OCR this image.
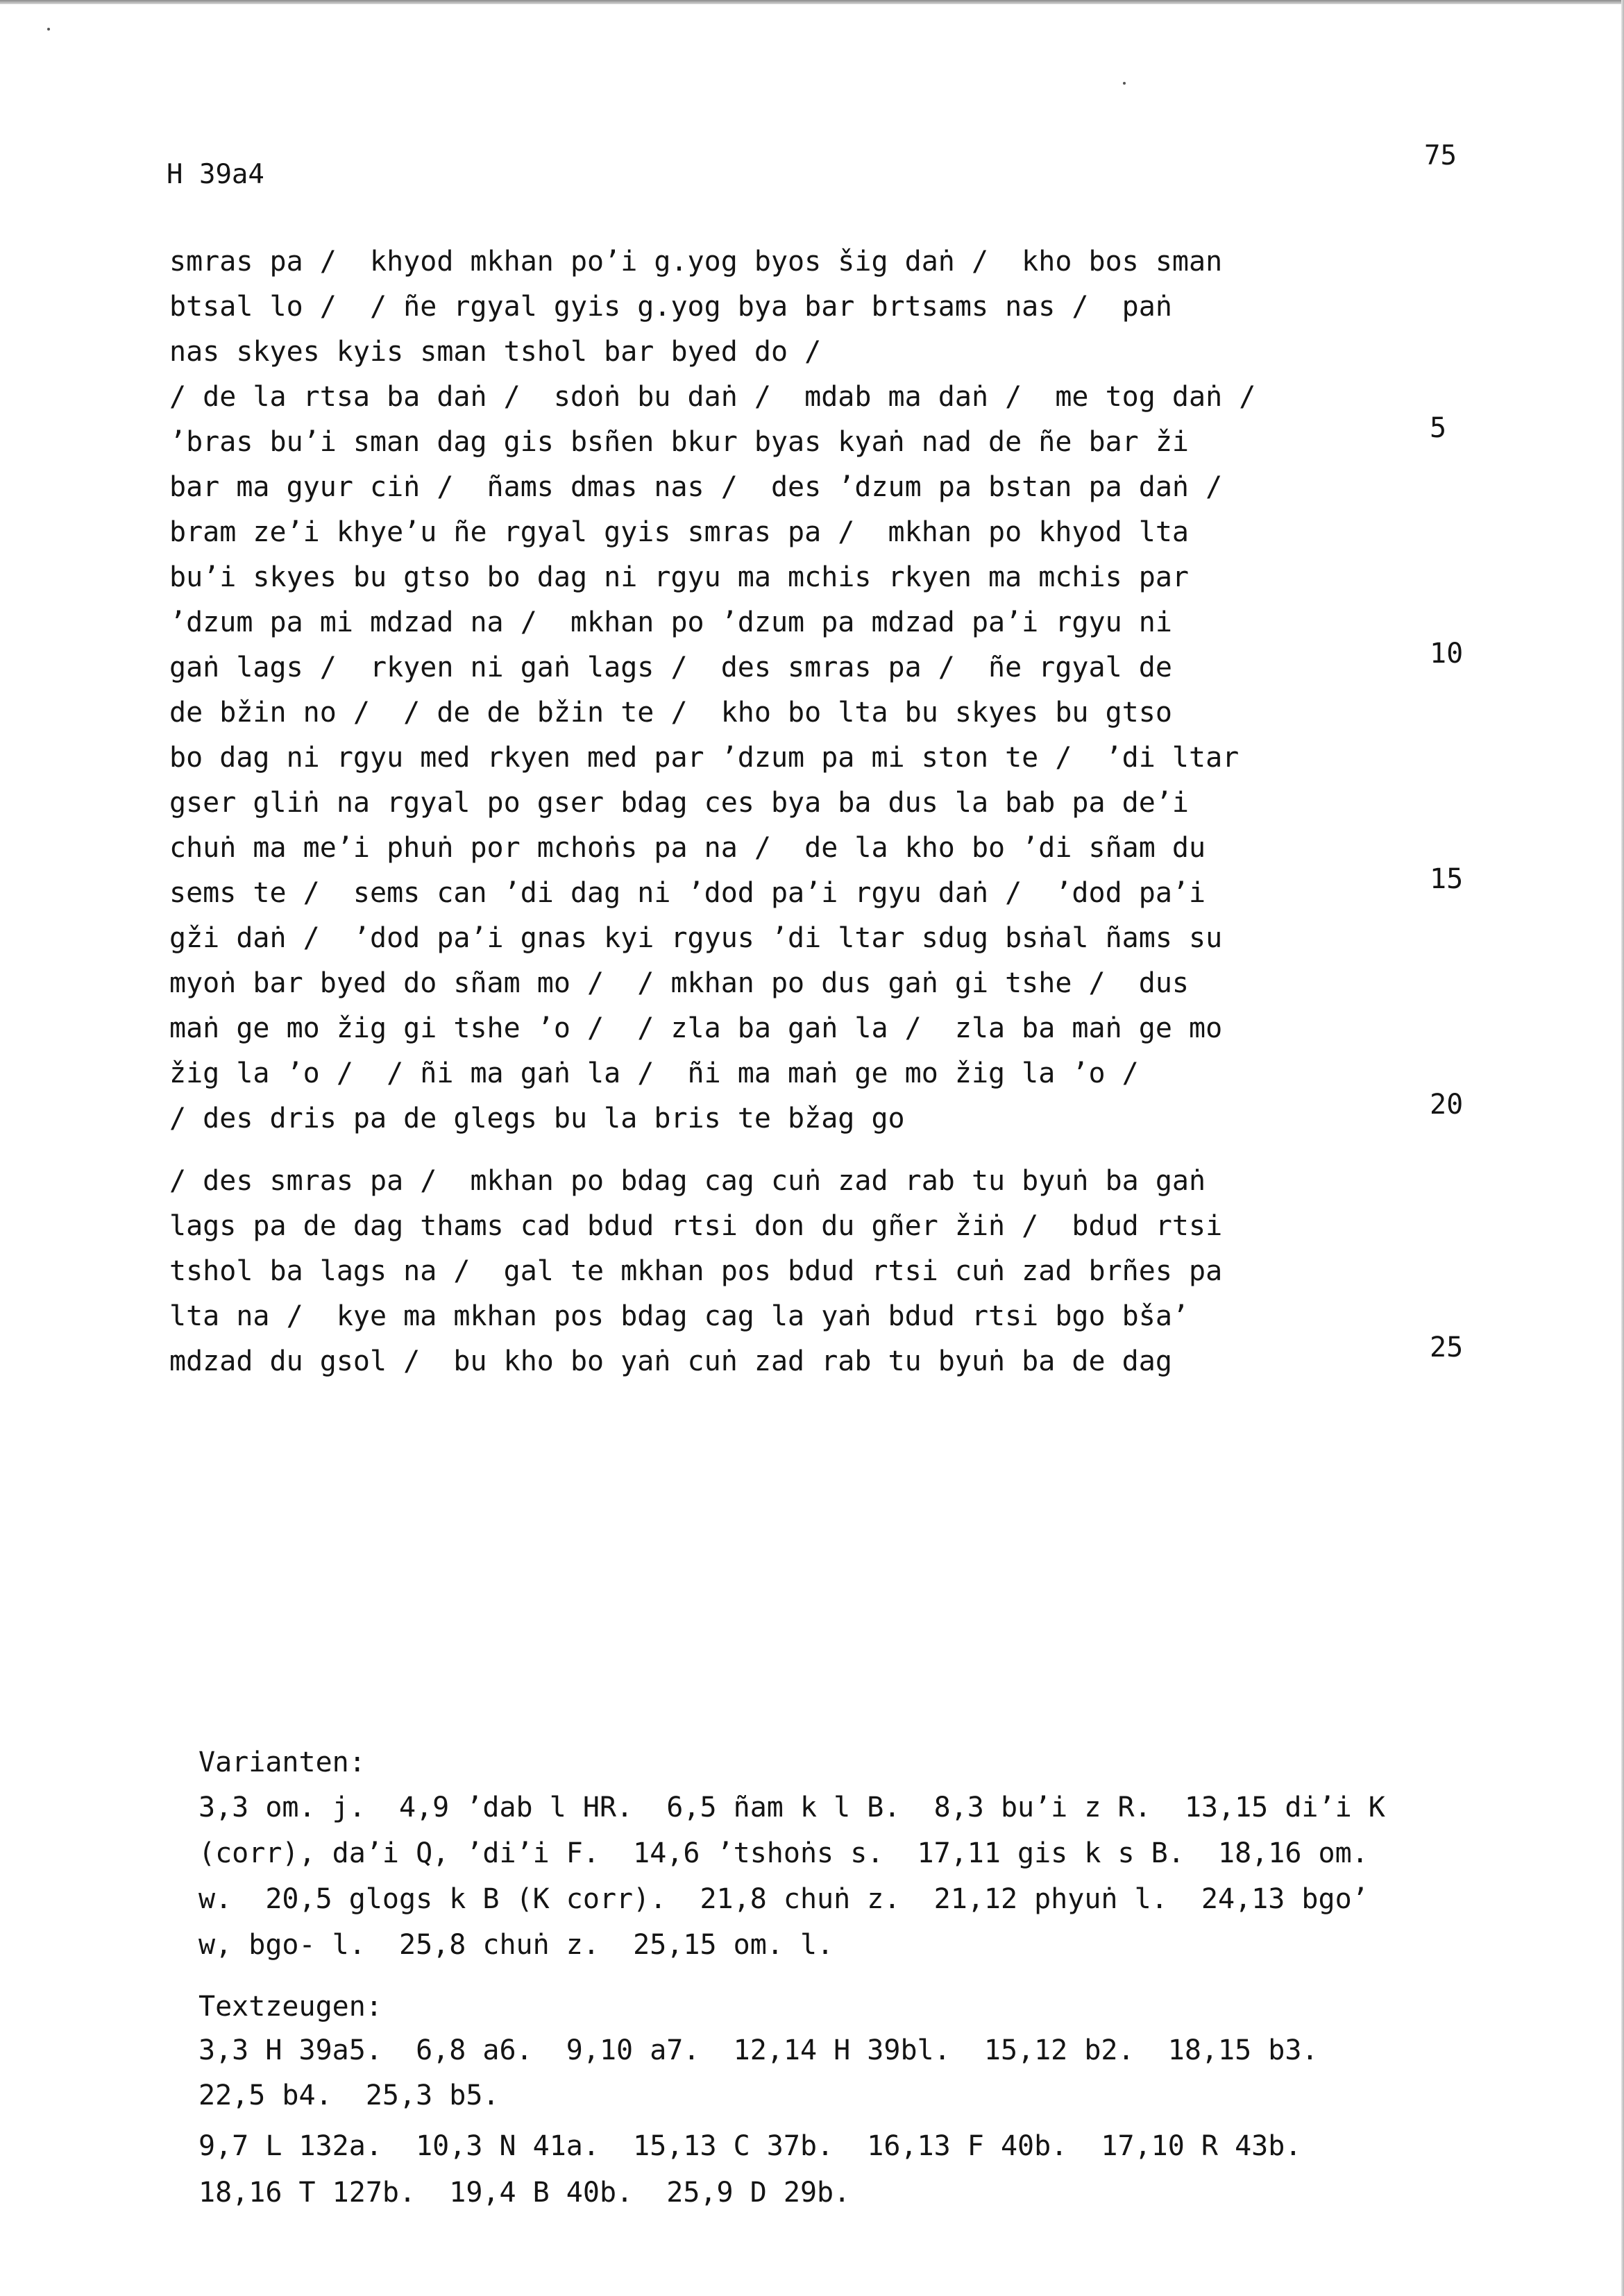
H 39a4
75
smras pa /  khyod mkhan po’i g.yog byos šig daṅ /  kho bos sman
btsal lo /  / ñe rgyal gyis g.yog bya bar brtsams nas /  paṅ
nas skyes kyis sman tshol bar byed do /
/ de la rtsa ba daṅ /  sdoṅ bu daṅ /  mdab ma daṅ /  me tog daṅ /
’bras bu’i sman dag gis bsñen bkur byas kyaṅ nad de ñe bar ži
bar ma gyur ciṅ /  ñams dmas nas /  des ’dzum pa bstan pa daṅ /
bram ze’i khye’u ñe rgyal gyis smras pa /  mkhan po khyod lta
bu’i skyes bu gtso bo dag ni rgyu ma mchis rkyen ma mchis par
’dzum pa mi mdzad na /  mkhan po ’dzum pa mdzad pa’i rgyu ni
gaṅ lags /  rkyen ni gaṅ lags /  des smras pa /  ñe rgyal de
de bžin no /  / de de bžin te /  kho bo lta bu skyes bu gtso
bo dag ni rgyu med rkyen med par ’dzum pa mi ston te /  ’di ltar
gser gliṅ na rgyal po gser bdag ces bya ba dus la bab pa de’i
chuṅ ma me’i phuṅ por mchoṅs pa na /  de la kho bo ’di sñam du
sems te /  sems can ’di dag ni ’dod pa’i rgyu daṅ /  ’dod pa’i
gži daṅ /  ’dod pa’i gnas kyi rgyus ’di ltar sdug bsṅal ñams su
myoṅ bar byed do sñam mo /  / mkhan po dus gaṅ gi tshe /  dus
maṅ ge mo žig gi tshe ’o /  / zla ba gaṅ la /  zla ba maṅ ge mo
žig la ’o /  / ñi ma gaṅ la /  ñi ma maṅ ge mo žig la ’o /
/ des dris pa de glegs bu la bris te bžag go
/ des smras pa /  mkhan po bdag cag cuṅ zad rab tu byuṅ ba gaṅ
lags pa de dag thams cad bdud rtsi don du gñer žiṅ /  bdud rtsi
tshol ba lags na /  gal te mkhan pos bdud rtsi cuṅ zad brñes pa
lta na /  kye ma mkhan pos bdag cag la yaṅ bdud rtsi bgo bša’
mdzad du gsol /  bu kho bo yaṅ cuṅ zad rab tu byuṅ ba de dag
5
10
15
20
25
Varianten:
3,3 om. j.  4,9 ’dab l HR.  6,5 ñam k l B.  8,3 bu’i z R.  13,15 di’i K
(corr), da’i Q, ’di’i F.  14,6 ’tshoṅs s.  17,11 gis k s B.  18,16 om.
w.  20,5 glogs k B (K corr).  21,8 chuṅ z.  21,12 phyuṅ l.  24,13 bgo’
w, bgo- l.  25,8 chuṅ z.  25,15 om. l.
Textzeugen:
3,3 H 39a5.  6,8 a6.  9,10 a7.  12,14 H 39bl.  15,12 b2.  18,15 b3.
22,5 b4.  25,3 b5.
9,7 L 132a.  10,3 N 41a.  15,13 C 37b.  16,13 F 40b.  17,10 R 43b.
18,16 T 127b.  19,4 B 40b.  25,9 D 29b.
